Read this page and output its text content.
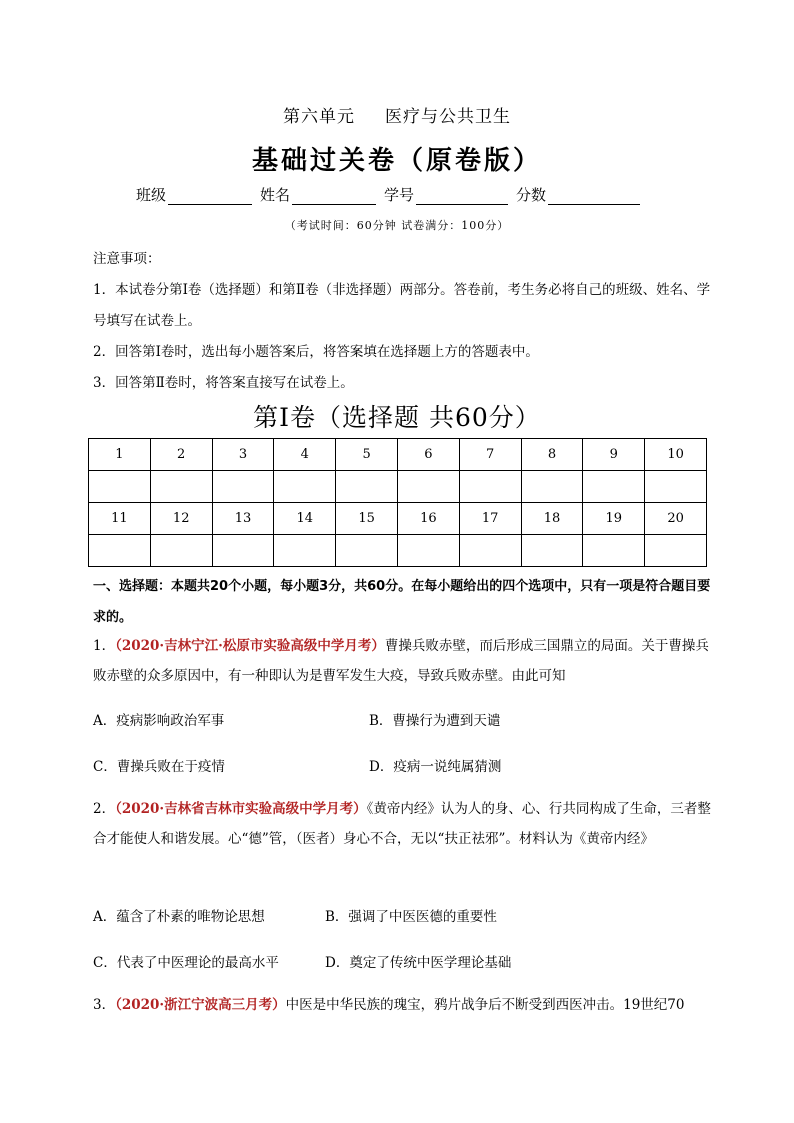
第六单元 医疗与公共卫生
基础过关卷（原卷版）
班级	姓名	学号	分数
（考试时间：60分钟 试卷满分：100分）

注意事项：

1．本试卷分第Ⅰ卷（选择题）和第Ⅱ卷（非选择题）两部分。答卷前，考生务必将自己的班级、姓名、学号填写在试卷上。

2．回答第Ⅰ卷时，选出每小题答案后，将答案填在选择题上方的答题表中。

3．回答第Ⅱ卷时，将答案直接写在试卷上。

第Ⅰ卷（选择题 共60分）
1	2	3	4	5	6	7	8	9	10

11	12	13	14	15	16	17	18	19	20

一、选择题：本题共20个小题，每小题3分，共60分。在每小题给出的四个选项中，只有一项是符合题目要求的。
1．（2020·吉林宁江·松原市实验高级中学月考）曹操兵败赤壁，而后形成三国鼎立的局面。关于曹操兵败赤壁的众多原因中，有一种即认为是曹军发生大疫，导致兵败赤壁。由此可知
A．疫病影响政治军事	B．曹操行为遭到天谴
C．曹操兵败在于疫情	D．疫病一说纯属猜测
2．（2020·吉林省吉林市实验高级中学月考）《黄帝内经》认为人的身、心、行共同构成了生命，三者整合才能使人和谐发展。心“德”管，（医者）身心不合，无以“扶正祛邪”。材料认为《黄帝内经》
A．蕴含了朴素的唯物论思想	B．强调了中医医德的重要性
C．代表了中医理论的最高水平	D．奠定了传统中医学理论基础
3．（2020·浙江宁波高三月考）中医是中华民族的瑰宝，鸦片战争后不断受到西医冲击。19世纪70
